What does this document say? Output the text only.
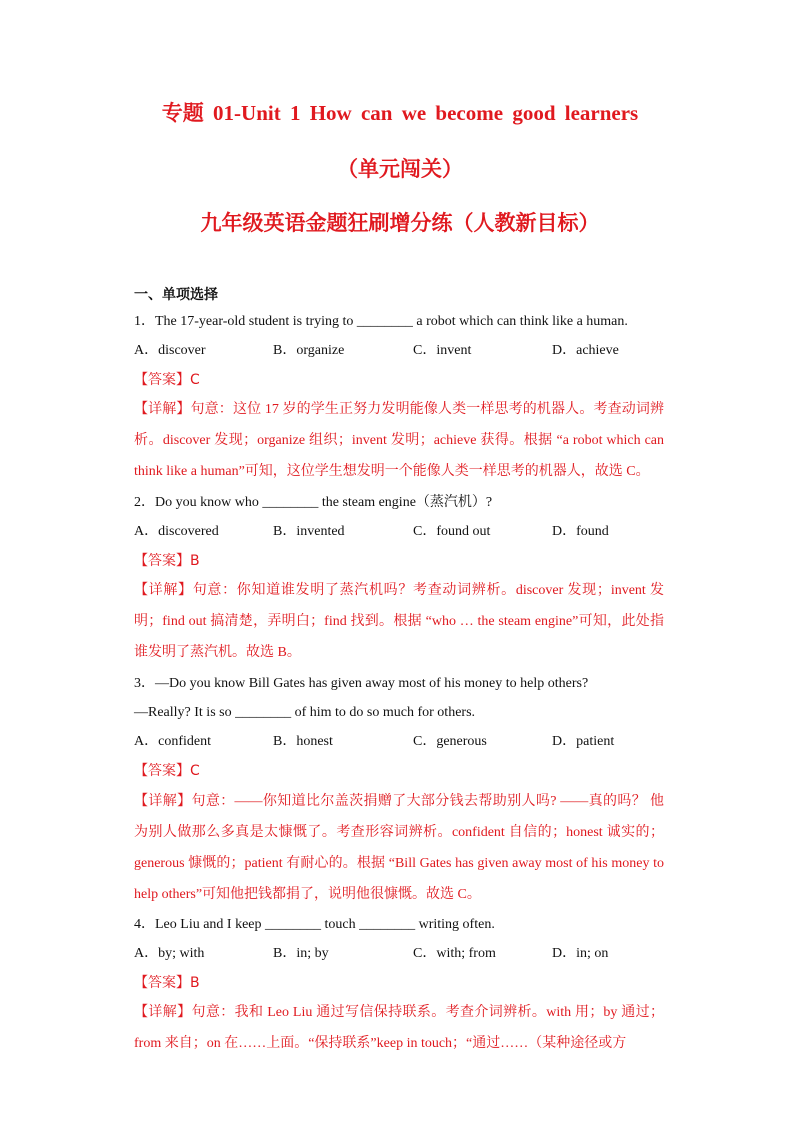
专题 01-Unit 1 How can we become good learners
（单元闯关）
九年级英语金题狂刷增分练（人教新目标）
一、单项选择
1．The 17-year-old student is trying to ________ a robot which can think like a human.
A．discover	B．organize	C．invent	D．achieve
【答案】C
【详解】句意：这位 17 岁的学生正努力发明能像人类一样思考的机器人。考查动词辨析。discover 发现；organize 组织；invent 发明；achieve 获得。根据 “a robot which can think like a human”可知，这位学生想发明一个能像人类一样思考的机器人，故选 C。
2．Do you know who ________ the steam engine（蒸汽机）?
A．discovered	B．invented	C．found out	D．found
【答案】B
【详解】句意：你知道谁发明了蒸汽机吗？考查动词辨析。discover 发现；invent 发明；find out 搞清楚，弄明白；find 找到。根据 “who … the steam engine”可知，此处指谁发明了蒸汽机。故选 B。
3．—Do you know Bill Gates has given away most of his money to help others?
—Really? It is so ________ of him to do so much for others.
A．confident	B．honest	C．generous	D．patient
【答案】C
【详解】句意：——你知道比尔盖茨捐赠了大部分钱去帮助别人吗? ——真的吗？ 他为别人做那么多真是太慷慨了。考查形容词辨析。confident 自信的；honest 诚实的；generous 慷慨的；patient 有耐心的。根据 “Bill Gates has given away most of his money to help others”可知他把钱都捐了，说明他很慷慨。故选 C。
4．Leo Liu and I keep ________ touch ________ writing often.
A．by; with	B．in; by	C．with; from	D．in; on
【答案】B
【详解】句意：我和 Leo Liu 通过写信保持联系。考查介词辨析。with 用；by 通过；from 来自；on 在……上面。“保持联系”keep in touch；“通过……（某种途径或方
